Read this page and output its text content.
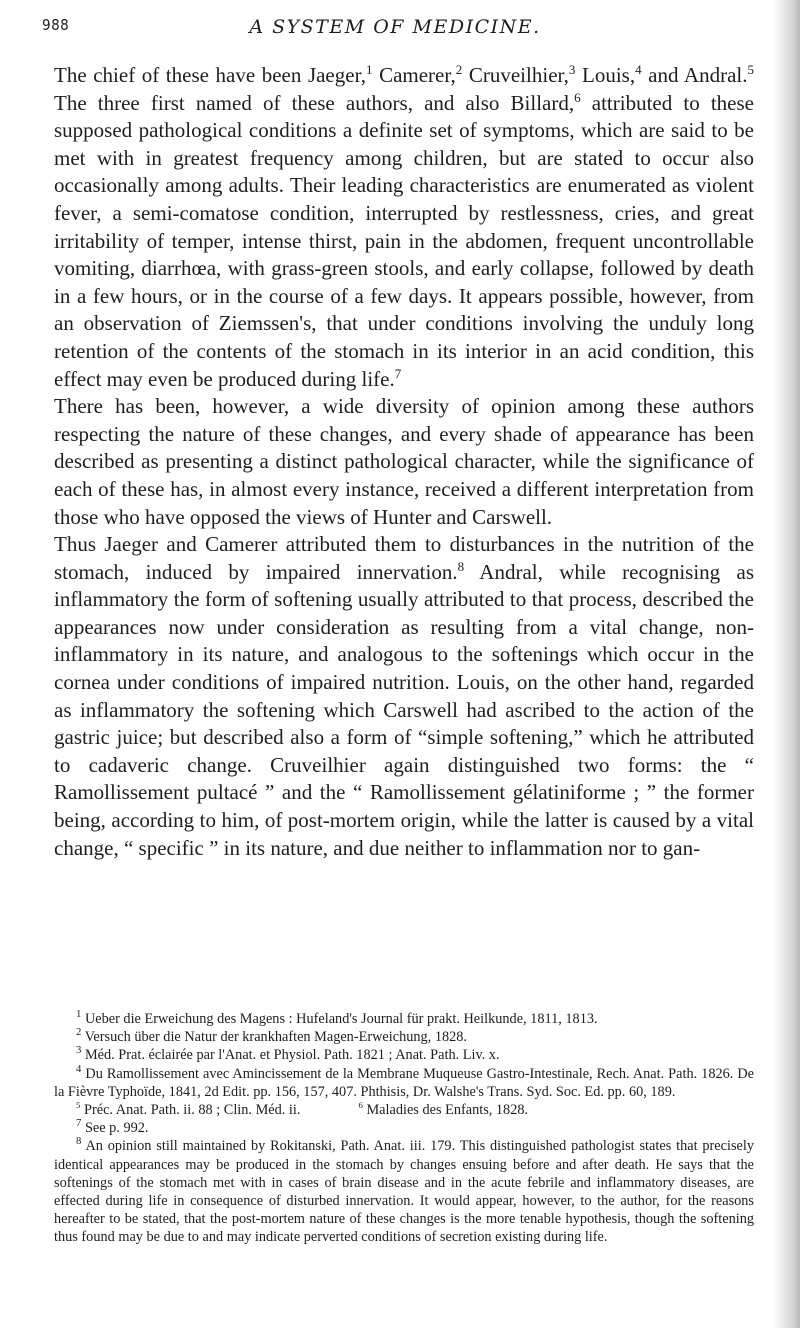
988	A SYSTEM OF MEDICINE.

The chief of these have been Jaeger,$^1$ Camerer,$^2$ Cruveilhier,$^3$ Louis,$^4$ and Andral.$^5$ The three first named of these authors, and also Billard,$^6$ attributed to these supposed pathological conditions a definite set of symptoms, which are said to be met with in greatest frequency among children, but are stated to occur also occasionally among adults. Their leading characteristics are enumerated as violent fever, a semi-comatose condition, interrupted by restlessness, cries, and great irritability of temper, intense thirst, pain in the abdomen, frequent uncontrollable vomiting, diarrhœa, with grass-green stools, and early collapse, followed by death in a few hours, or in the course of a few days. It appears possible, however, from an observation of Ziemssen's, that under conditions involving the unduly long retention of the contents of the stomach in its interior in an acid condition, this effect may even be produced during life.$^7$

There has been, however, a wide diversity of opinion among these authors respecting the nature of these changes, and every shade of appearance has been described as presenting a distinct pathological character, while the significance of each of these has, in almost every instance, received a different interpretation from those who have opposed the views of Hunter and Carswell.

Thus Jaeger and Camerer attributed them to disturbances in the nutrition of the stomach, induced by impaired innervation.$^8$ Andral, while recognising as inflammatory the form of softening usually attributed to that process, described the appearances now under consideration as resulting from a vital change, non-inflammatory in its nature, and analogous to the softenings which occur in the cornea under conditions of impaired nutrition. Louis, on the other hand, regarded as inflammatory the softening which Carswell had ascribed to the action of the gastric juice; but described also a form of “simple softening,” which he attributed to cadaveric change. Cruveilhier again distinguished two forms: the “ Ramollissement pultacé ” and the “ Ramollissement gélatiniforme ; ” the former being, according to him, of post-mortem origin, while the latter is caused by a vital change, “ specific ” in its nature, and due neither to inflammation nor to gan-

$^1$ Ueber die Erweichung des Magens : Hufeland's Journal für prakt. Heilkunde, 1811, 1813.

$^2$ Versuch über die Natur der krankhaften Magen-Erweichung, 1828.

$^3$ Méd. Prat. éclairée par l'Anat. et Physiol. Path. 1821 ; Anat. Path. Liv. x.

$^4$ Du Ramollissement avec Amincissement de la Membrane Muqueuse Gastro-Intestinale, Rech. Anat. Path. 1826. De la Fièvre Typhoïde, 1841, 2d Edit. pp. 156, 157, 407. Phthisis, Dr. Walshe's Trans. Syd. Soc. Ed. pp. 60, 189.

$^5$ Préc. Anat. Path. ii. 88 ; Clin. Méd. ii.	$^6$ Maladies des Enfants, 1828.

$^7$ See p. 992.

$^8$ An opinion still maintained by Rokitanski, Path. Anat. iii. 179. This distinguished pathologist states that precisely identical appearances may be produced in the stomach by changes ensuing before and after death. He says that the softenings of the stomach met with in cases of brain disease and in the acute febrile and inflammatory diseases, are effected during life in consequence of disturbed innervation. It would appear, however, to the author, for the reasons hereafter to be stated, that the post-mortem nature of these changes is the more tenable hypothesis, though the softening thus found may be due to and may indicate perverted conditions of secretion existing during life.
